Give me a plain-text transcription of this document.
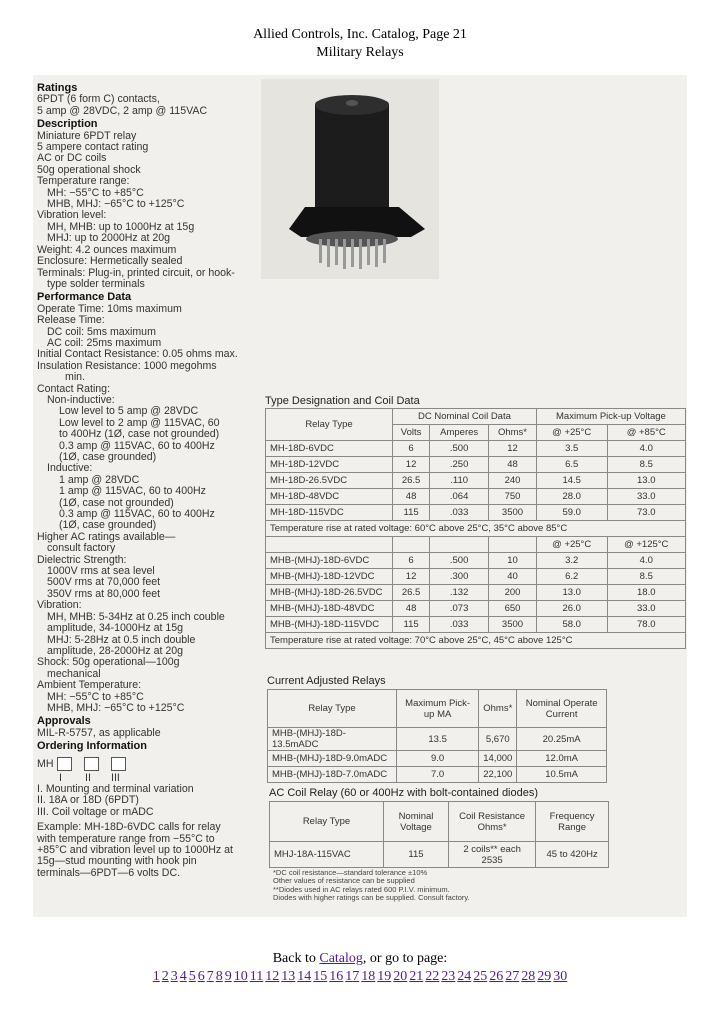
Allied Controls, Inc. Catalog, Page 21
Military Relays
Ratings
6PDT (6 form C) contacts,
5 amp @ 28VDC, 2 amp @ 115VAC
Description
Miniature 6PDT relay
5 ampere contact rating
AC or DC coils
50g operational shock
Temperature range:
MH: −55°C to +85°C
MHB, MHJ: −65°C to +125°C
Vibration level:
MH, MHB: up to 1000Hz at 15g
MHJ: up to 2000Hz at 20g
Weight: 4.2 ounces maximum
Enclosure: Hermetically sealed
Terminals: Plug-in, printed circuit, or hook-
type solder terminals
Performance Data
Operate Time: 10ms maximum
Release Time:
DC coil: 5ms maximum
AC coil: 25ms maximum
Initial Contact Resistance: 0.05 ohms max.
Insulation Resistance: 1000 megohms
min.
Contact Rating:
Non-inductive:
Low level to 5 amp @ 28VDC
Low level to 2 amp @ 115VAC, 60
to 400Hz (1Ø, case not grounded)
0.3 amp @ 115VAC, 60 to 400Hz
(1Ø, case grounded)
Inductive:
1 amp @ 28VDC
1 amp @ 115VAC, 60 to 400Hz
(1Ø, case not grounded)
0.3 amp @ 115VAC, 60 to 400Hz
(1Ø, case grounded)
Higher AC ratings available—
consult factory
Dielectric Strength:
1000V rms at sea level
500V rms at 70,000 feet
350V rms at 80,000 feet
Vibration:
MH, MHB: 5-34Hz at 0.25 inch couble
amplitude, 34-1000Hz at 15g
MHJ: 5-28Hz at 0.5 inch double
amplitude, 28-2000Hz at 20g
Shock: 50g operational—100g
mechanical
Ambient Temperature:
MH: −55°C to +85°C
MHB, MHJ: −65°C to +125°C
Approvals
MIL-R-5757, as applicable
Ordering Information
MH
I II III
I. Mounting and terminal variation
II. 18A or 18D (6PDT)
III. Coil voltage or mADC
Example: MH-18D-6VDC calls for relay
with temperature range from −55°C to
+85°C and vibration level up to 1000Hz at
15g—stud mounting with hook pin
terminals—6PDT—6 volts DC.
Type Designation and Coil Data
Relay Type	DC Nominal Coil Data			Maximum Pick-up Voltage	
	Volts	Amperes	Ohms*	@ +25°C	@ +85°C
MH-18D-6VDC	6	.500	12	3.5	4.0
MH-18D-12VDC	12	.250	48	6.5	8.5
MH-18D-26.5VDC	26.5	.110	240	14.5	13.0
MH-18D-48VDC	48	.064	750	28.0	33.0
MH-18D-115VDC	115	.033	3500	59.0	73.0
Temperature rise at rated voltage: 60°C above 25°C, 35°C above 85°C					
				@ +25°C	@ +125°C
MHB-(MHJ)-18D-6VDC	6	.500	10	3.2	4.0
MHB-(MHJ)-18D-12VDC	12	.300	40	6.2	8.5
MHB-(MHJ)-18D-26.5VDC	26.5	.132	200	13.0	18.0
MHB-(MHJ)-18D-48VDC	48	.073	650	26.0	33.0
MHB-(MHJ)-18D-115VDC	115	.033	3500	58.0	78.0
Temperature rise at rated voltage: 70°C above 25°C, 45°C above 125°C					
Current Adjusted Relays
Relay Type	Maximum Pick-up MA	Ohms*	Nominal Operate Current
MHB-(MHJ)-18D-13.5mADC	13.5	5,670	20.25mA
MHB-(MHJ)-18D-9.0mADC	9.0	14,000	12.0mA
MHB-(MHJ)-18D-7.0mADC	7.0	22,100	10.5mA
AC Coil Relay (60 or 400Hz with bolt-contained diodes)
Relay Type	Nominal Voltage	Coil Resistance Ohms*	Frequency Range
MHJ-18A-115VAC	115	2 coils** each 2535	45 to 420Hz
*DC coil resistance—standard tolerance ±10%
Other values of resistance can be supplied
**Diodes used in AC relays rated 600 P.I.V. minimum.
Diodes with higher ratings can be supplied. Consult factory.
Back to Catalog, or go to page:
1 2 3 4 5 6 7 8 9 10 11 12 13 14 15 16 17 18 19 20 21 22 23 24 25 26 27 28 29 30
